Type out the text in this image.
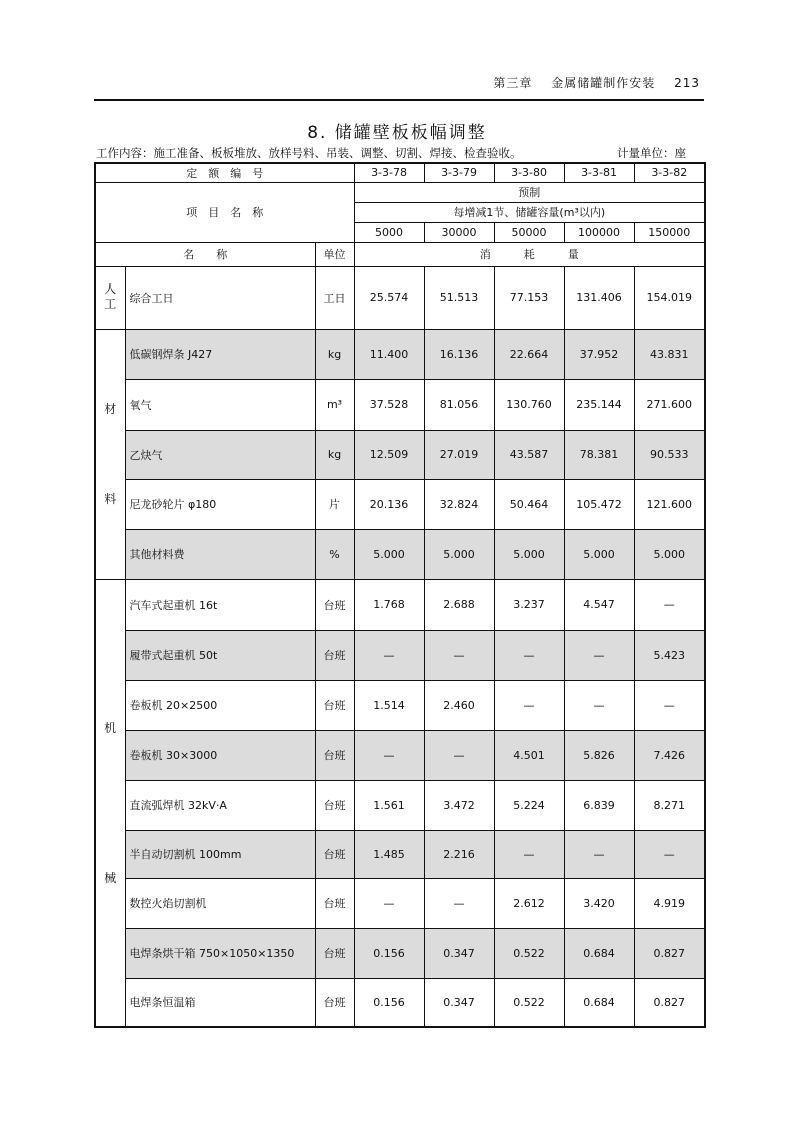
第三章 金属储罐制作安装 213
8. 储罐壁板板幅调整
工作内容：施工准备、板板堆放、放样号料、吊装、调整、切割、焊接、检查验收。	计量单位：座
定　额　编　号			3-3-78	3-3-79	3-3-80	3-3-81	3-3-82
项　目　名　称			预制				
			每增减1节、储罐容量(m³以内)				
			5000	30000	50000	100000	150000
名　　称		单位	消　　　耗　　　量				
人工	综合工日	工日	25.574	51.513	77.153	131.406	154.019
材料	低碳钢焊条 J427	kg	11.400	16.136	22.664	37.952	43.831
	氧气	m³	37.528	81.056	130.760	235.144	271.600
	乙炔气	kg	12.509	27.019	43.587	78.381	90.533
	尼龙砂轮片 φ180	片	20.136	32.824	50.464	105.472	121.600
	其他材料费	%	5.000	5.000	5.000	5.000	5.000
机械	汽车式起重机 16t	台班	1.768	2.688	3.237	4.547	—
	履带式起重机 50t	台班	—	—	—	—	5.423
	卷板机 20×2500	台班	1.514	2.460	—	—	—
	卷板机 30×3000	台班	—	—	4.501	5.826	7.426
	直流弧焊机 32kV·A	台班	1.561	3.472	5.224	6.839	8.271
	半自动切割机 100mm	台班	1.485	2.216	—	—	—
	数控火焰切割机	台班	—	—	2.612	3.420	4.919
	电焊条烘干箱 750×1050×1350	台班	0.156	0.347	0.522	0.684	0.827
	电焊条恒温箱	台班	0.156	0.347	0.522	0.684	0.827
